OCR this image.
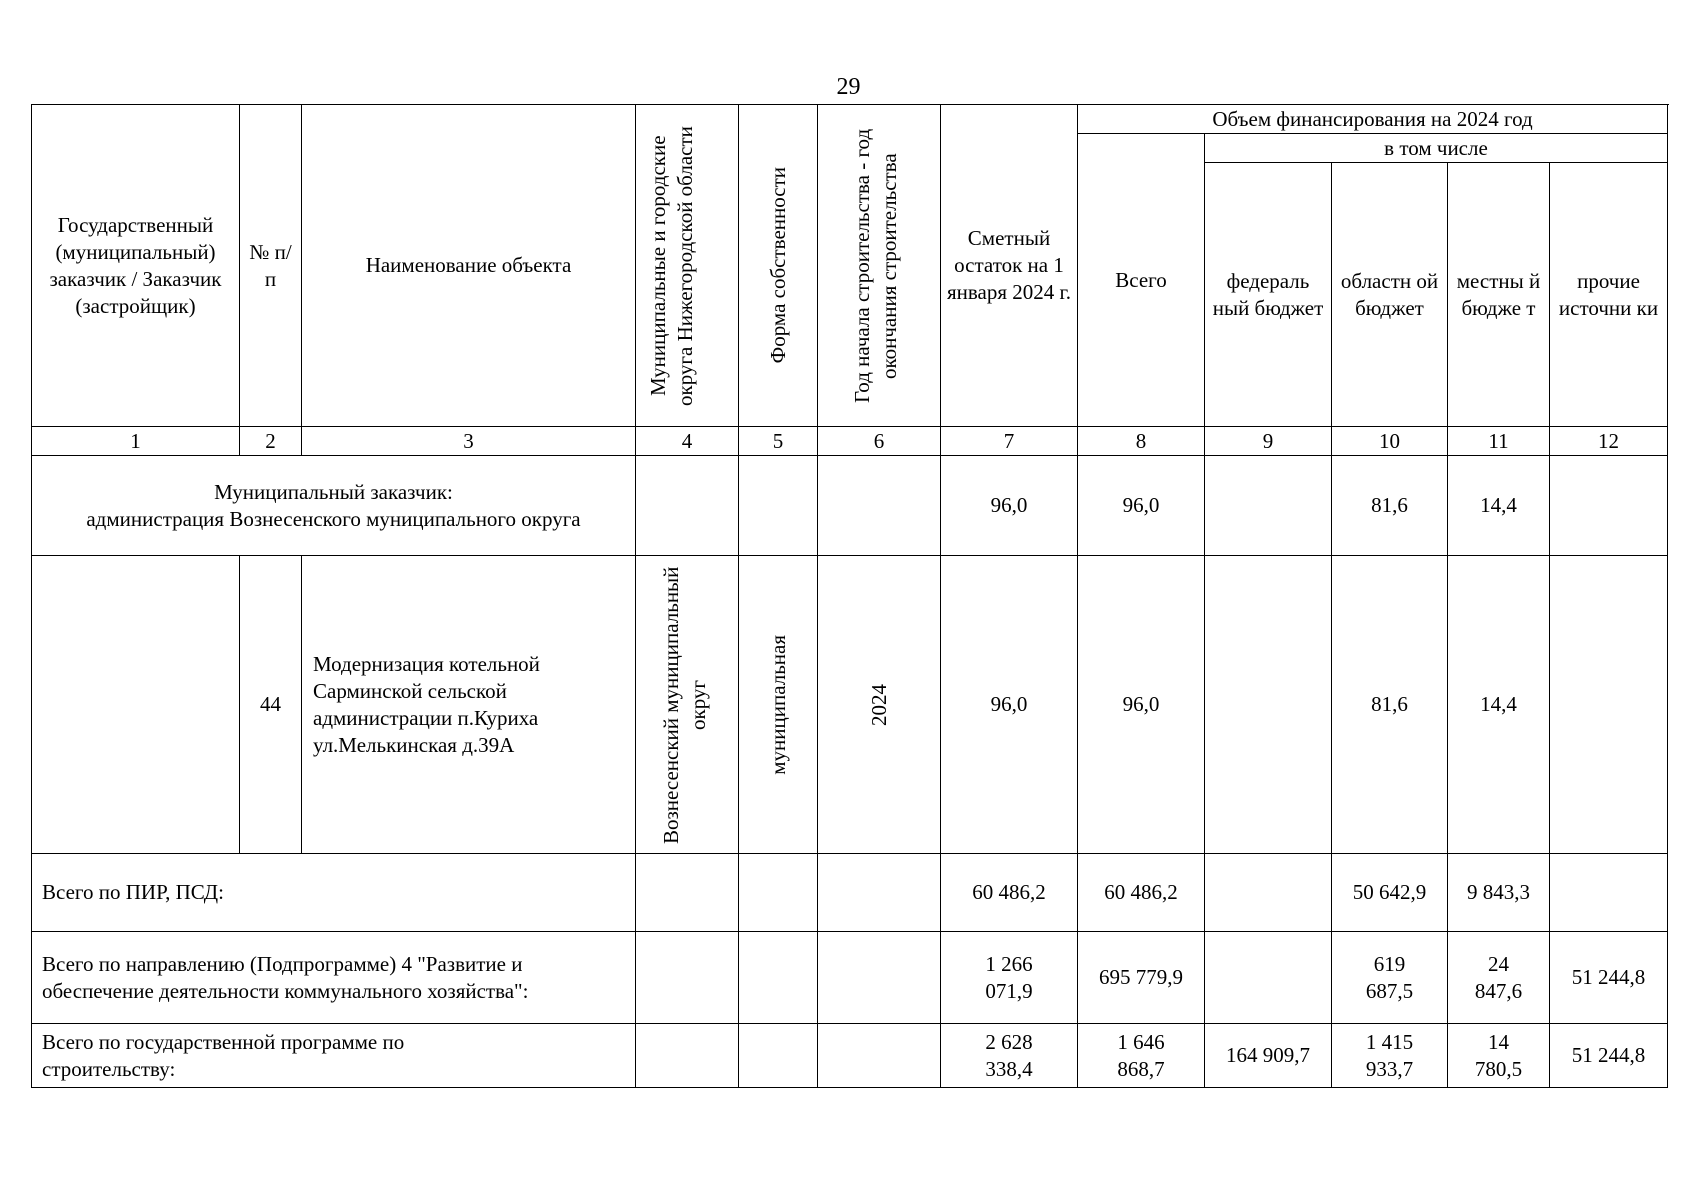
29
Государственный (муниципальный) заказчик / Заказчик (застройщик)	№ п/п	Наименование объекта	Муниципальные и городские округа Нижегородской области	Форма собственности	Год начала строительства - год окончания строительства	Сметный остаток на 1 января 2024 г.	Объем финансирования на 2024 год				
							Всего	в том числе			
								федераль ный бюджет	областн ой бюджет	местны й бюдже т	прочие источни ки
1	2	3	4	5	6	7	8	9	10	11	12

Муниципальный заказчик:
администрация Вознесенского муниципального округа						96,0	96,0		81,6	14,4	
	44	Модернизация котельной Сарминской сельской администрации п.Куриха ул.Мелькинская д.39А	Вознесенский муниципальный округ	муниципальная	2024	96,0	96,0		81,6	14,4	
Всего по ПИР, ПСД:						60 486,2	60 486,2		50 642,9	9 843,3	
Всего по направлению (Подпрограмме) 4 "Развитие и обеспечение деятельности коммунального хозяйства":						1 266 071,9	695 779,9		619 687,5	24 847,6	51 244,8
Всего по государственной программе по строительству:						2 628 338,4	1 646 868,7	164 909,7	1 415 933,7	14 780,5	51 244,8
